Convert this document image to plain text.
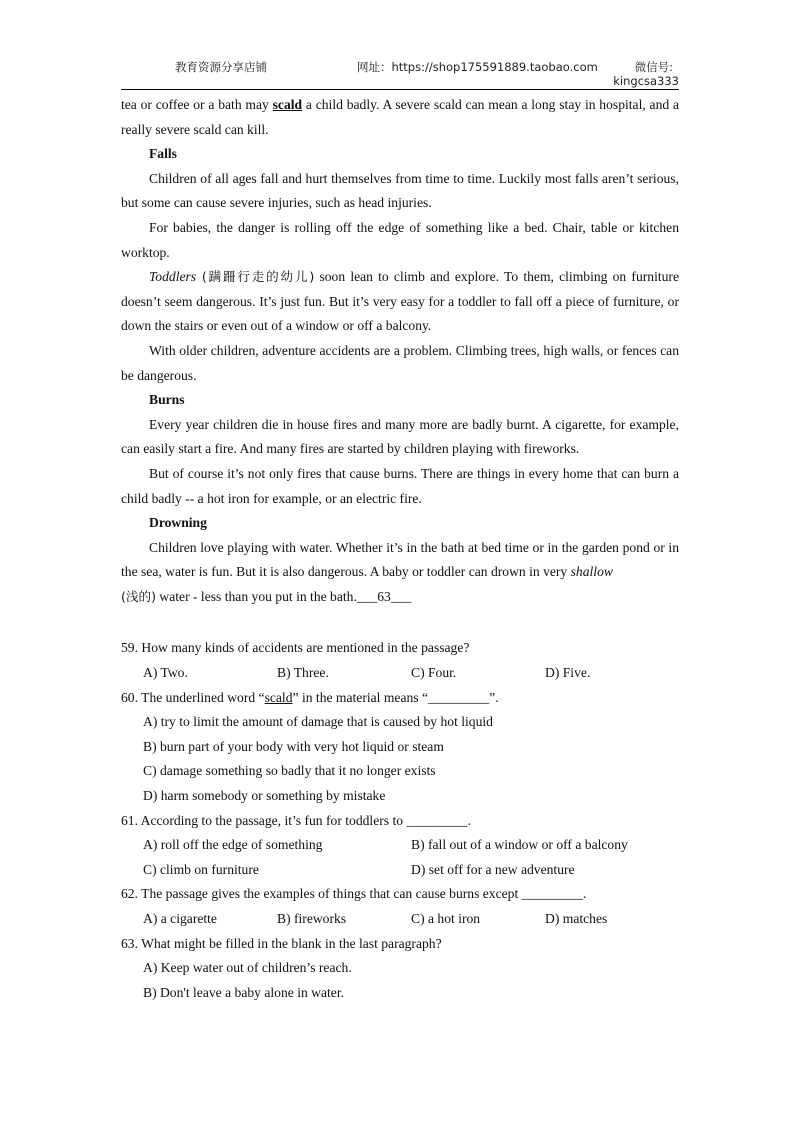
教育资源分享店铺	网址：https://shop175591889.taobao.com	微信号:
kingcsa333

tea or coffee or a bath may scald a child badly. A severe scald can mean a long stay in hospital, and a really severe scald can kill.

Falls

Children of all ages fall and hurt themselves from time to time. Luckily most falls aren’t serious, but some can cause severe injuries, such as head injuries.

For babies, the danger is rolling off the edge of something like a bed. Chair, table or kitchen worktop.

Toddlers (蹒跚行走的幼儿) soon lean to climb and explore. To them, climbing on furniture doesn’t seem dangerous. It’s just fun. But it’s very easy for a toddler to fall off a piece of furniture, or down the stairs or even out of a window or off a balcony.

With older children, adventure accidents are a problem. Climbing trees, high walls, or fences can be dangerous.

Burns

Every year children die in house fires and many more are badly burnt. A cigarette, for example, can easily start a fire. And many fires are started by children playing with fireworks.

But of course it’s not only fires that cause burns. There are things in every home that can burn a child badly -- a hot iron for example, or an electric fire.

Drowning

Children love playing with water. Whether it’s in the bath at bed time or in the garden pond or in the sea, water is fun. But it is also dangerous. A baby or toddler can drown in very shallow
(浅的) water - less than you put in the bath.___63___

59. How many kinds of accidents are mentioned in the passage?

A) Two.	B) Three.	C) Four.	D) Five.

60. The underlined word “scald” in the material means “_________”.

A) try to limit the amount of damage that is caused by hot liquid

B) burn part of your body with very hot liquid or steam

C) damage something so badly that it no longer exists

D) harm somebody or something by mistake

61. According to the passage, it’s fun for toddlers to _________.

A) roll off the edge of something	B) fall out of a window or off a balcony
C) climb on furniture	D) set off for a new adventure

62. The passage gives the examples of things that can cause burns except _________.

A) a cigarette	B) fireworks	C) a hot iron	D) matches

63. What might be filled in the blank in the last paragraph?

A) Keep water out of children’s reach.

B) Don't leave a baby alone in water.
